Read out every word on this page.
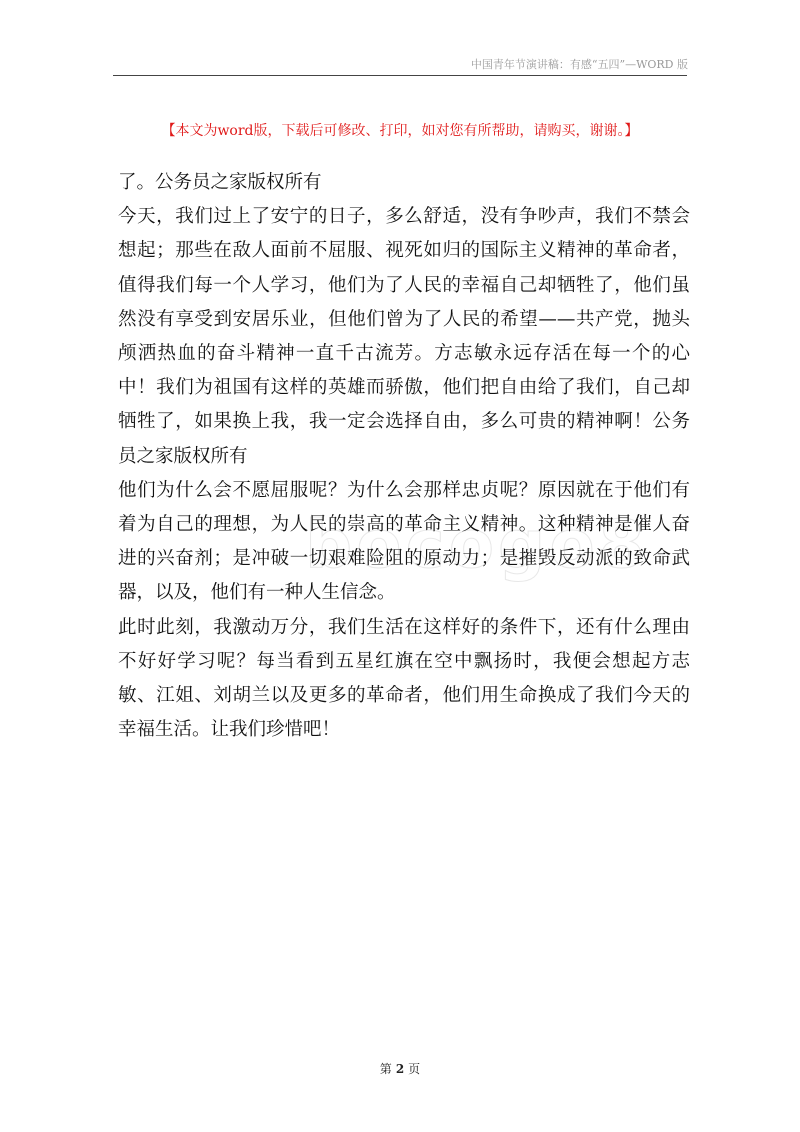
中国青年节演讲稿：有感“五四”—WORD 版
【本文为word版，下载后可修改、打印，如对您有所帮助，请购买，谢谢。】
bocogo8

了。公务员之家版权所有

今天，我们过上了安宁的日子，多么舒适，没有争吵声，我们不禁会想起；那些在敌人面前不屈服、视死如归的国际主义精神的革命者，值得我们每一个人学习，他们为了人民的幸福自己却牺牲了，他们虽然没有享受到安居乐业，但他们曾为了人民的希望——共产党，抛头颅洒热血的奋斗精神一直千古流芳。方志敏永远存活在每一个的心中！我们为祖国有这样的英雄而骄傲，他们把自由给了我们，自己却牺牲了，如果换上我，我一定会选择自由，多么可贵的精神啊！公务员之家版权所有

他们为什么会不愿屈服呢？为什么会那样忠贞呢？原因就在于他们有着为自己的理想，为人民的崇高的革命主义精神。这种精神是催人奋进的兴奋剂；是冲破一切艰难险阻的原动力；是摧毁反动派的致命武器，以及，他们有一种人生信念。

此时此刻，我激动万分，我们生活在这样好的条件下，还有什么理由不好好学习呢？每当看到五星红旗在空中飘扬时，我便会想起方志敏、江姐、刘胡兰以及更多的革命者，他们用生命换成了我们今天的幸福生活。让我们珍惜吧！

第 2 页
